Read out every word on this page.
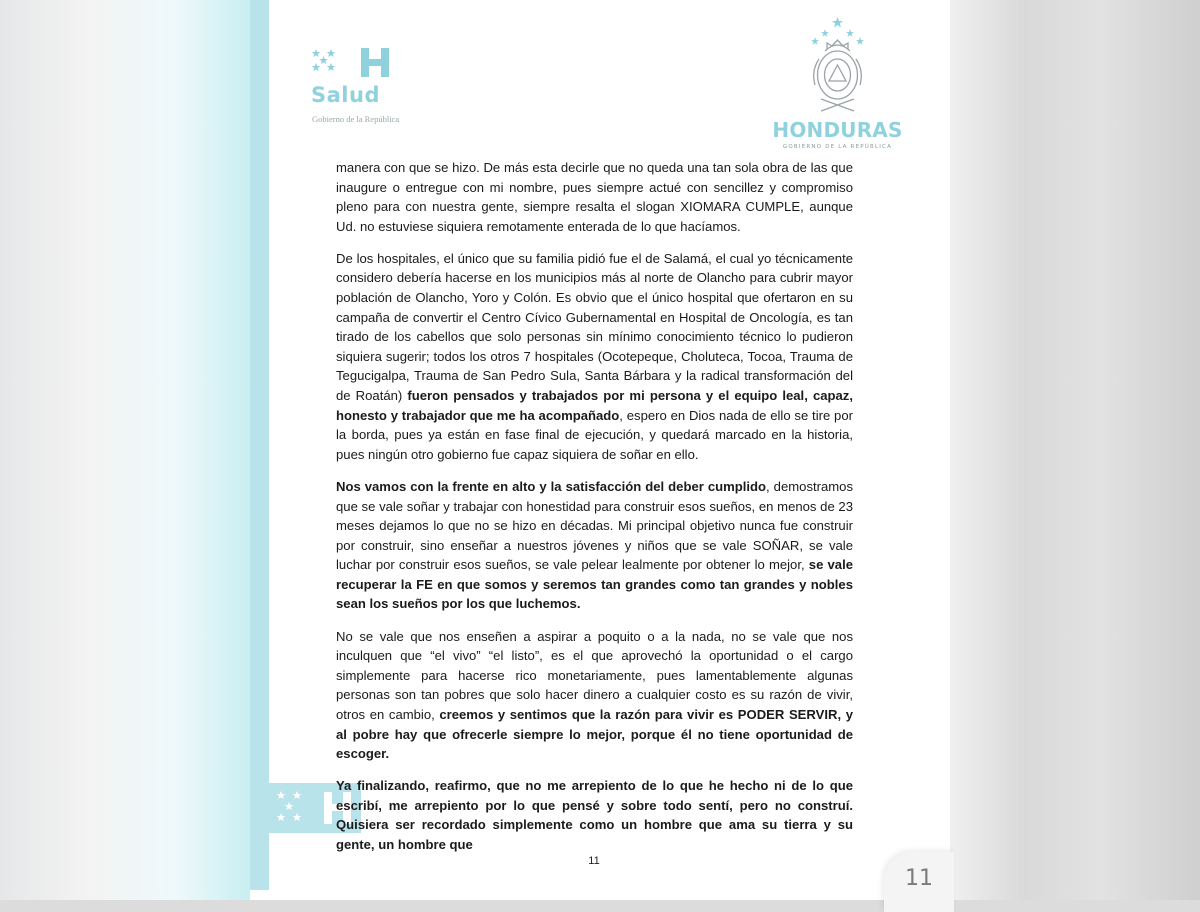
Salud
Gobierno de la República	HONDURAS
GOBIERNO DE LA REPÚBLICA

manera con que se hizo. De más esta decirle que no queda una tan sola obra de las que inaugure o entregue con mi nombre, pues siempre actué con sencillez y compromiso pleno para con nuestra gente, siempre resalta el slogan XIOMARA CUMPLE, aunque Ud. no estuviese siquiera remotamente enterada de lo que hacíamos.

De los hospitales, el único que su familia pidió fue el de Salamá, el cual yo técnicamente considero debería hacerse en los municipios más al norte de Olancho para cubrir mayor población de Olancho, Yoro y Colón. Es obvio que el único hospital que ofertaron en su campaña de convertir el Centro Cívico Gubernamental en Hospital de Oncología, es tan tirado de los cabellos que solo personas sin mínimo conocimiento técnico lo pudieron siquiera sugerir; todos los otros 7 hospitales (Ocotepeque, Choluteca, Tocoa, Trauma de Tegucigalpa, Trauma de San Pedro Sula, Santa Bárbara y la radical transformación del de Roatán) fueron pensados y trabajados por mi persona y el equipo leal, capaz, honesto y trabajador que me ha acompañado, espero en Dios nada de ello se tire por la borda, pues ya están en fase final de ejecución, y quedará marcado en la historia, pues ningún otro gobierno fue capaz siquiera de soñar en ello.

Nos vamos con la frente en alto y la satisfacción del deber cumplido, demostramos que se vale soñar y trabajar con honestidad para construir esos sueños, en menos de 23 meses dejamos lo que no se hizo en décadas. Mi principal objetivo nunca fue construir por construir, sino enseñar a nuestros jóvenes y niños que se vale SOÑAR, se vale luchar por construir esos sueños, se vale pelear lealmente por obtener lo mejor, se vale recuperar la FE en que somos y seremos tan grandes como tan grandes y nobles sean los sueños por los que luchemos.

No se vale que nos enseñen a aspirar a poquito o a la nada, no se vale que nos inculquen que “el vivo” “el listo”, es el que aprovechó la oportunidad o el cargo simplemente para hacerse rico monetariamente, pues lamentablemente algunas personas son tan pobres que solo hacer dinero a cualquier costo es su razón de vivir, otros en cambio, creemos y sentimos que la razón para vivir es PODER SERVIR, y al pobre hay que ofrecerle siempre lo mejor, porque él no tiene oportunidad de escoger.

Ya finalizando, reafirmo, que no me arrepiento de lo que he hecho ni de lo que escribí, me arrepiento por lo que pensé y sobre todo sentí, pero no construí. Quisiera ser recordado simplemente como un hombre que ama su tierra y su gente, un hombre que

11
11
